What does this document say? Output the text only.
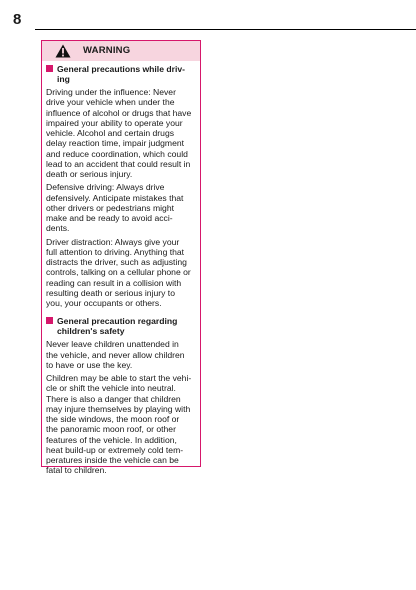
8
WARNING
General precautions while driv-
ing

Driving under the influence: Never
drive your vehicle when under the
influence of alcohol or drugs that have
impaired your ability to operate your
vehicle. Alcohol and certain drugs
delay reaction time, impair judgment
and reduce coordination, which could
lead to an accident that could result in
death or serious injury.

Defensive driving: Always drive
defensively. Anticipate mistakes that
other drivers or pedestrians might
make and be ready to avoid acci-
dents.

Driver distraction: Always give your
full attention to driving. Anything that
distracts the driver, such as adjusting
controls, talking on a cellular phone or
reading can result in a collision with
resulting death or serious injury to
you, your occupants or others.

General precaution regarding
children's safety

Never leave children unattended in
the vehicle, and never allow children
to have or use the key.

Children may be able to start the vehi-
cle or shift the vehicle into neutral.
There is also a danger that children
may injure themselves by playing with
the side windows, the moon roof or
the panoramic moon roof, or other
features of the vehicle. In addition,
heat build-up or extremely cold tem-
peratures inside the vehicle can be
fatal to children.
